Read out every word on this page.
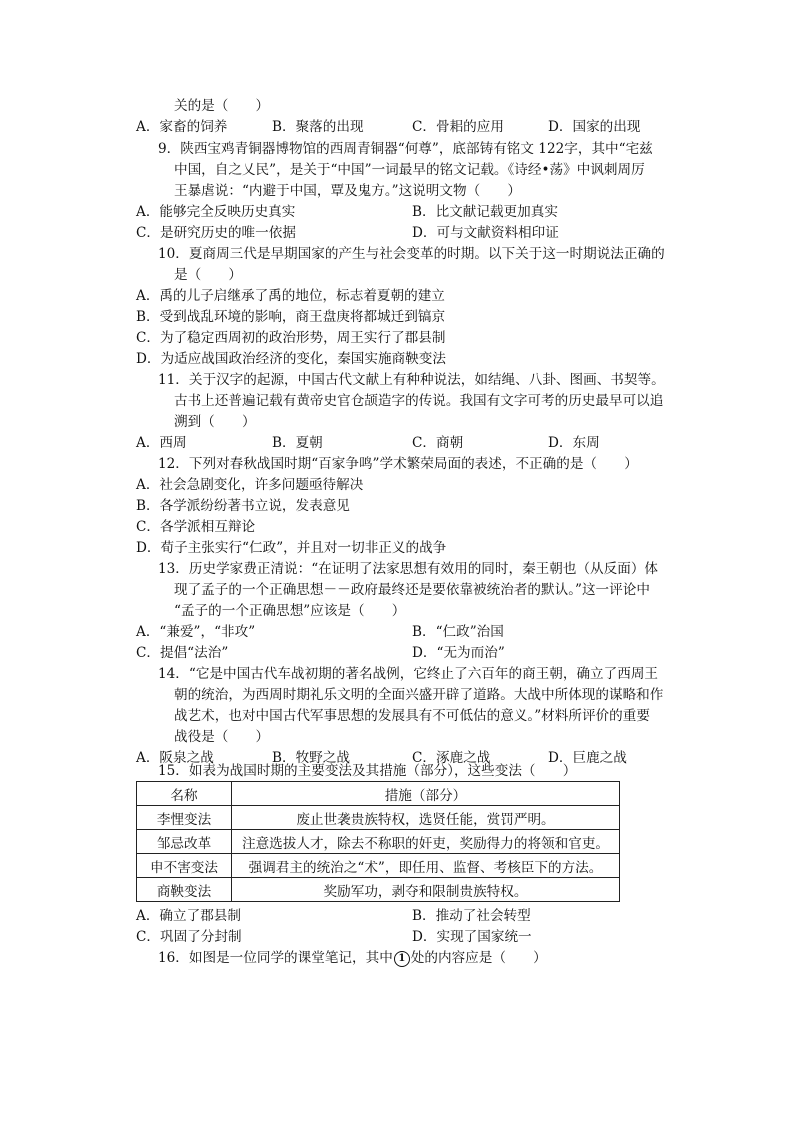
关的是（　　）
A．家畜的饲养	B．聚落的出现	C．骨耜的应用	D．国家的出现
9．陕西宝鸡青铜器博物馆的西周青铜器“何尊”，底部铸有铭文 122字，其中“宅兹
中国，自之乂民”，是关于“中国”一词最早的铭文记载。《诗经•荡》中讽刺周厉
王暴虐说：“内避于中国，覃及鬼方。”这说明文物（　　）
A．能够完全反映历史真实	B．比文献记载更加真实
C．是研究历史的唯一依据	D．可与文献资料相印证
10．夏商周三代是早期国家的产生与社会变革的时期。以下关于这一时期说法正确的
是（　　）
A．禹的儿子启继承了禹的地位，标志着夏朝的建立
B．受到战乱环境的影响，商王盘庚将都城迁到镐京
C．为了稳定西周初的政治形势，周王实行了郡县制
D．为适应战国政治经济的变化，秦国实施商鞅变法
11．关于汉字的起源，中国古代文献上有种种说法，如结绳、八卦、图画、书契等。
古书上还普遍记载有黄帝史官仓颉造字的传说。我国有文字可考的历史最早可以追
溯到（　　）
A．西周	B．夏朝	C．商朝	D．东周
12．下列对春秋战国时期“百家争鸣”学术繁荣局面的表述，不正确的是（　　）
A．社会急剧变化，许多问题亟待解决
B．各学派纷纷著书立说，发表意见
C．各学派相互辩论
D．荀子主张实行“仁政”，并且对一切非正义的战争
13．历史学家费正清说：“在证明了法家思想有效用的同时，秦王朝也（从反面）体
现了孟子的一个正确思想－－政府最终还是要依靠被统治者的默认。”这一评论中
“孟子的一个正确思想”应该是（　　）
A．“兼爱”，“非攻”	B．“仁政”治国
C．提倡“法治”	D．“无为而治”
14．“它是中国古代车战初期的著名战例，它终止了六百年的商王朝，确立了西周王
朝的统治，为西周时期礼乐文明的全面兴盛开辟了道路。大战中所体现的谋略和作
战艺术，也对中国古代军事思想的发展具有不可低估的意义。”材料所评价的重要
战役是（　　）
A．阪泉之战	B．牧野之战	C．涿鹿之战	D．巨鹿之战
15．如表为战国时期的主要变法及其措施（部分），这些变法（　　）
名称	措施（部分）
李悝变法	废止世袭贵族特权，选贤任能，赏罚严明。
邹忌改革	注意选拔人才，除去不称职的奸吏，奖励得力的将领和官吏。
申不害变法	强调君主的统治之“术”，即任用、监督、考核臣下的方法。
商鞅变法	奖励军功，剥夺和限制贵族特权。
A．确立了郡县制	B．推动了社会转型
C．巩固了分封制	D．实现了国家统一
16．如图是一位同学的课堂笔记，其中 1 处的内容应是（　　）
